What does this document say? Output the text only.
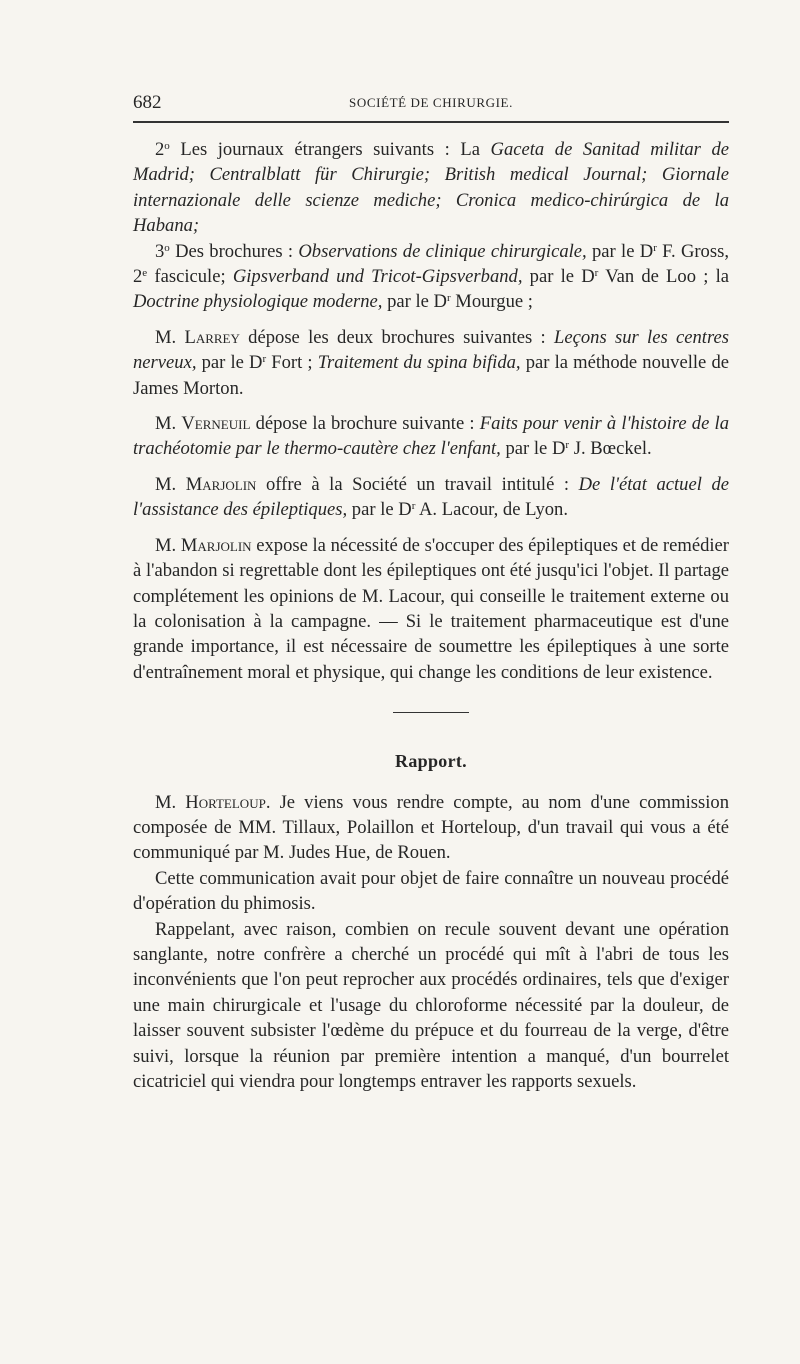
682	SOCIÉTÉ DE CHIRURGIE.

2$^o$ Les journaux étrangers suivants : La Gaceta de Sanitad militar de Madrid; Centralblatt für Chirurgie; British medical Journal; Giornale internazionale delle scienze mediche; Cronica medico-chirúrgica de la Habana;

3$^o$ Des brochures : Observations de clinique chirurgicale, par le $D^r$ F. Gross, 2e fascicule; Gipsverband und Tricot-Gipsverband, par le $D^r$ Van de Loo ; la Doctrine physiologique moderne, par le $D^r$ Mourgue ;

M. Larrey dépose les deux brochures suivantes : Leçons sur les centres nerveux, par le $D^r$ Fort ; Traitement du spina bifida, par la méthode nouvelle de James Morton.

M. Verneuil dépose la brochure suivante : Faits pour venir à l'histoire de la trachéotomie par le thermo-cautère chez l'enfant, par le $D^r$ J. Bœckel.

M. Marjolin offre à la Société un travail intitulé : De l'état actuel de l'assistance des épileptiques, par le $D^r$ A. Lacour, de Lyon.

M. Marjolin expose la nécessité de s'occuper des épileptiques et de remédier à l'abandon si regrettable dont les épileptiques ont été jusqu'ici l'objet. Il partage complétement les opinions de M. Lacour, qui conseille le traitement externe ou la colonisation à la campagne. — Si le traitement pharmaceutique est d'une grande importance, il est nécessaire de soumettre les épileptiques à une sorte d'entraînement moral et physique, qui change les conditions de leur existence.

Rapport.

M. Horteloup. Je viens vous rendre compte, au nom d'une commission composée de MM. Tillaux, Polaillon et Horteloup, d'un travail qui vous a été communiqué par M. Judes Hue, de Rouen.

Cette communication avait pour objet de faire connaître un nouveau procédé d'opération du phimosis.

Rappelant, avec raison, combien on recule souvent devant une opération sanglante, notre confrère a cherché un procédé qui mît à l'abri de tous les inconvénients que l'on peut reprocher aux procédés ordinaires, tels que d'exiger une main chirurgicale et l'usage du chloroforme nécessité par la douleur, de laisser souvent subsister l'œdème du prépuce et du fourreau de la verge, d'être suivi, lorsque la réunion par première intention a manqué, d'un bourrelet cicatriciel qui viendra pour longtemps entraver les rapports sexuels.
